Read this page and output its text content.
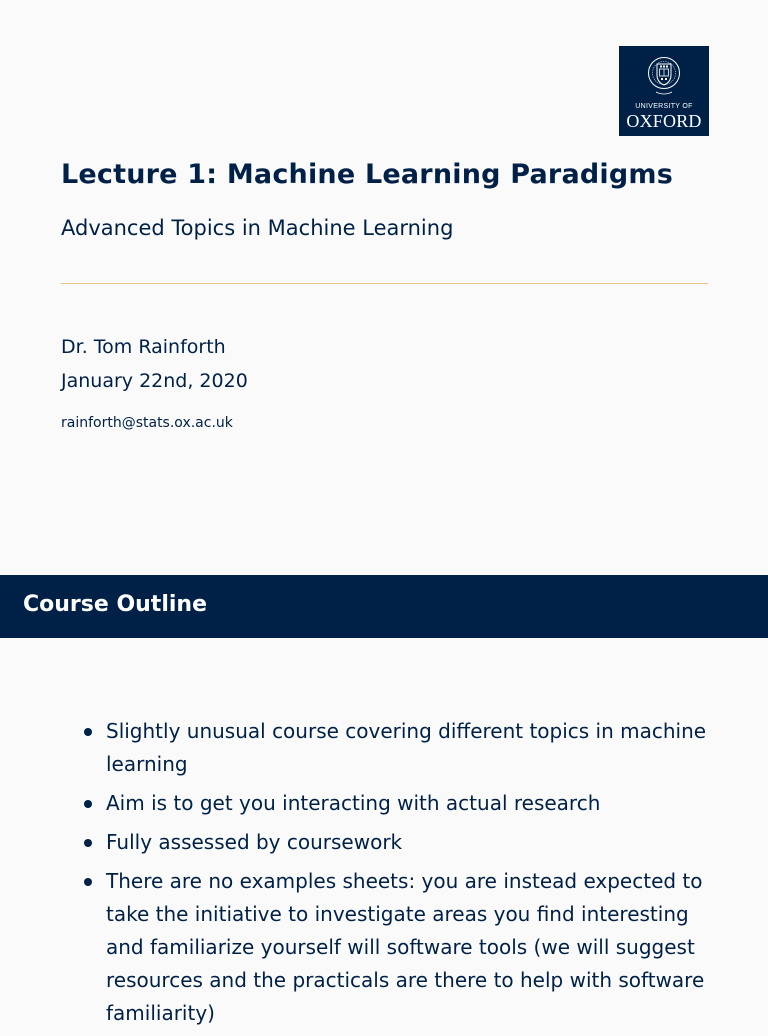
UNIVERSITY OF
OXFORD
Lecture 1: Machine Learning Paradigms
Advanced Topics in Machine Learning
Dr. Tom Rainforth
January 22nd, 2020
rainforth@stats.ox.ac.uk
Course Outline
Slightly unusual course covering different topics in machine learning
Aim is to get you interacting with actual research
Fully assessed by coursework
There are no examples sheets: you are instead expected to take the initiative to investigate areas you find interesting and familiarize yourself will software tools (we will suggest resources and the practicals are there to help with software familiarity)
